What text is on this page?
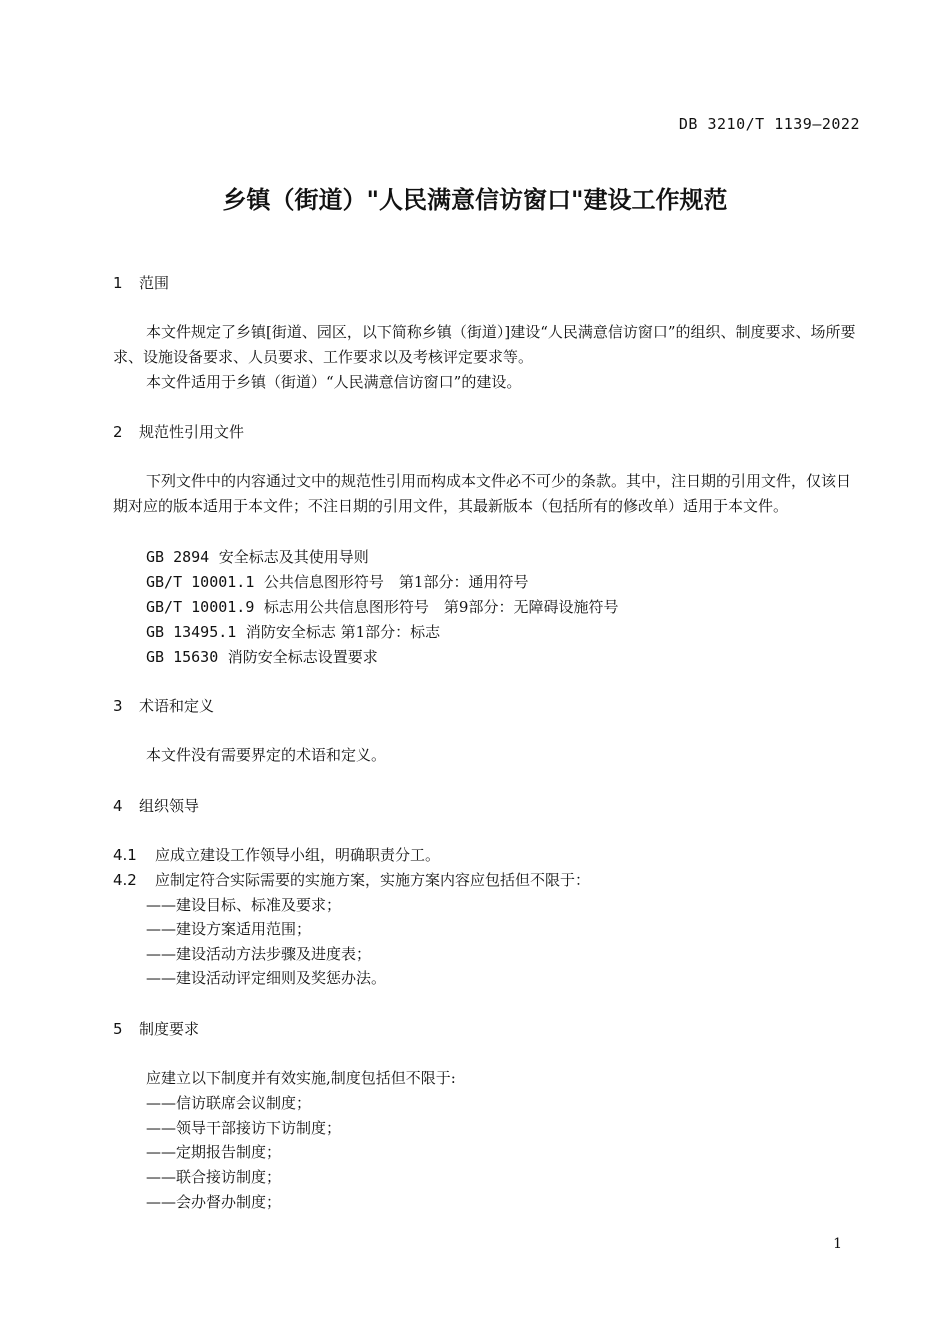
DB 3210/T 1139—2022
乡镇（街道）"人民满意信访窗口"建设工作规范
1 范围
本文件规定了乡镇[街道、园区，以下简称乡镇（街道）]建设“人民满意信访窗口”的组织、制度要求、场所要求、设施设备要求、人员要求、工作要求以及考核评定要求等。
本文件适用于乡镇（街道）“人民满意信访窗口”的建设。
2 规范性引用文件
下列文件中的内容通过文中的规范性引用而构成本文件必不可少的条款。其中，注日期的引用文件，仅该日期对应的版本适用于本文件；不注日期的引用文件，其最新版本（包括所有的修改单）适用于本文件。
GB 2894 安全标志及其使用导则
GB/T 10001.1 公共信息图形符号　第1部分：通用符号
GB/T 10001.9 标志用公共信息图形符号　第9部分：无障碍设施符号
GB 13495.1 消防安全标志 第1部分：标志
GB 15630 消防安全标志设置要求
3 术语和定义
本文件没有需要界定的术语和定义。
4 组织领导
4.1 应成立建设工作领导小组，明确职责分工。
4.2 应制定符合实际需要的实施方案，实施方案内容应包括但不限于：
——建设目标、标准及要求；
——建设方案适用范围；
——建设活动方法步骤及进度表；
——建设活动评定细则及奖惩办法。
5 制度要求
应建立以下制度并有效实施,制度包括但不限于:
——信访联席会议制度；
——领导干部接访下访制度；
——定期报告制度；
——联合接访制度；
——会办督办制度；
1
